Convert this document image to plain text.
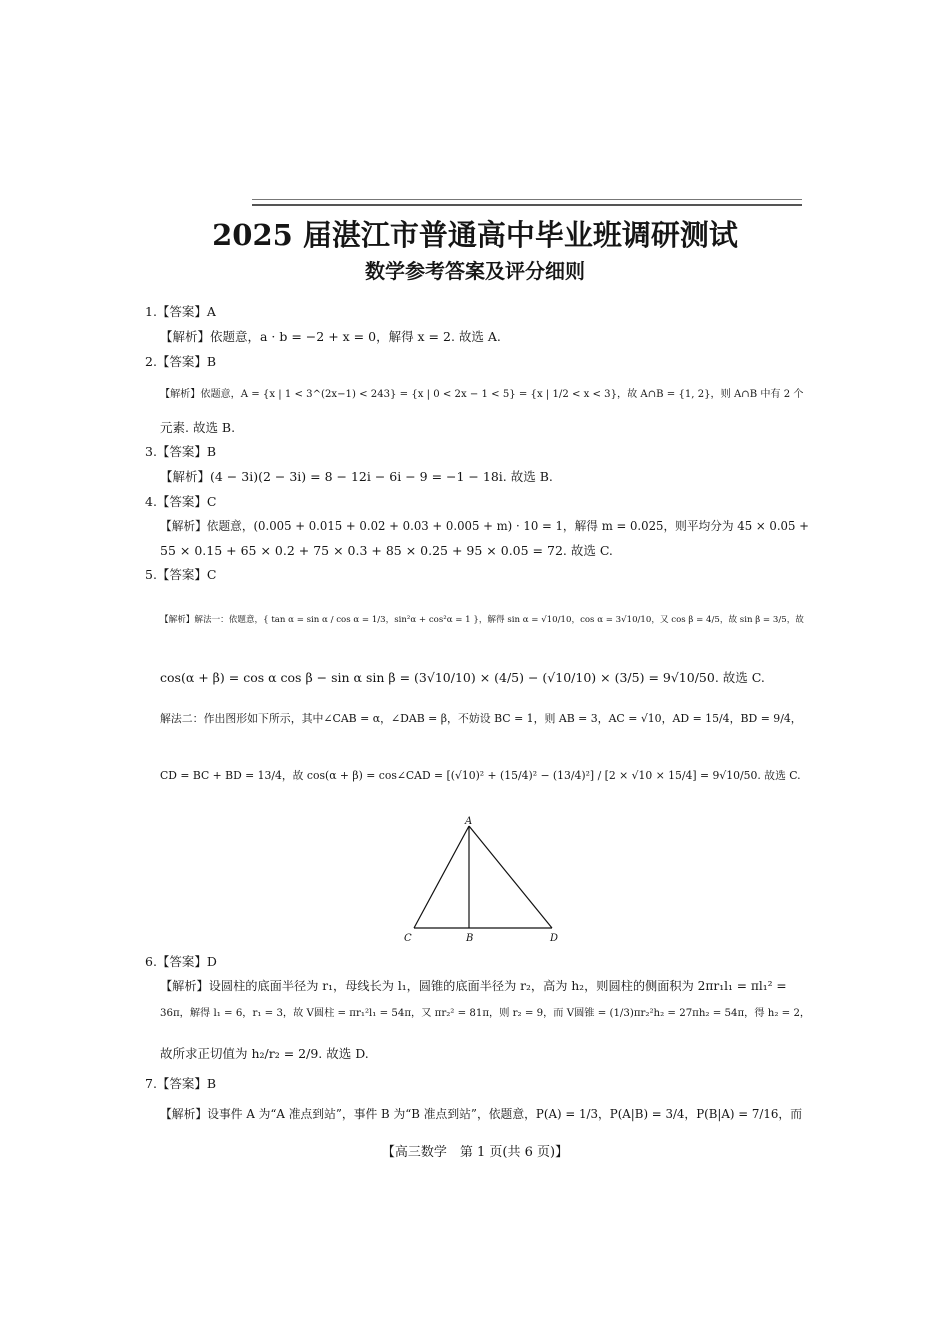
2025 届湛江市普通高中毕业班调研测试
数学参考答案及评分细则
1.【答案】A
【解析】依题意，a · b = −2 + x = 0，解得 x = 2. 故选 A.
2.【答案】B
【解析】依题意，A = {x | 1 < 3^(2x−1) < 243} = {x | 0 < 2x − 1 < 5} = {x | 1/2 < x < 3}，故 A∩B = {1, 2}，则 A∩B 中有 2 个
元素. 故选 B.
3.【答案】B
【解析】(4 − 3i)(2 − 3i) = 8 − 12i − 6i − 9 = −1 − 18i. 故选 B.
4.【答案】C
【解析】依题意，(0.005 + 0.015 + 0.02 + 0.03 + 0.005 + m) · 10 = 1，解得 m = 0.025，则平均分为 45 × 0.05 +
55 × 0.15 + 65 × 0.2 + 75 × 0.3 + 85 × 0.25 + 95 × 0.05 = 72. 故选 C.
5.【答案】C
【解析】解法一：依题意，{ tan α = sin α / cos α = 1/3，sin²α + cos²α = 1 }，解得 sin α = √10/10，cos α = 3√10/10，又 cos β = 4/5，故 sin β = 3/5，故
cos(α + β) = cos α cos β − sin α sin β = (3√10/10) × (4/5) − (√10/10) × (3/5) = 9√10/50. 故选 C.
解法二：作出图形如下所示，其中∠CAB = α，∠DAB = β，不妨设 BC = 1，则 AB = 3，AC = √10，AD = 15/4，BD = 9/4，
CD = BC + BD = 13/4，故 cos(α + β) = cos∠CAD = [(√10)² + (15/4)² − (13/4)²] / [2 × √10 × 15/4] = 9√10/50. 故选 C.
A
B
C	D
6.【答案】D
【解析】设圆柱的底面半径为 r₁，母线长为 l₁，圆锥的底面半径为 r₂，高为 h₂，则圆柱的侧面积为 2πr₁l₁ = πl₁² =
36π，解得 l₁ = 6，r₁ = 3，故 V圆柱 = πr₁²l₁ = 54π，又 πr₂² = 81π，则 r₂ = 9，而 V圆锥 = (1/3)πr₂²h₂ = 27πh₂ = 54π，得 h₂ = 2，
故所求正切值为 h₂/r₂ = 2/9. 故选 D.
7.【答案】B
【解析】设事件 A 为“A 准点到站”，事件 B 为“B 准点到站”，依题意，P(A) = 1/3，P(A|B) = 3/4，P(B|A) = 7/16，而
【高三数学　第 1 页(共 6 页)】
